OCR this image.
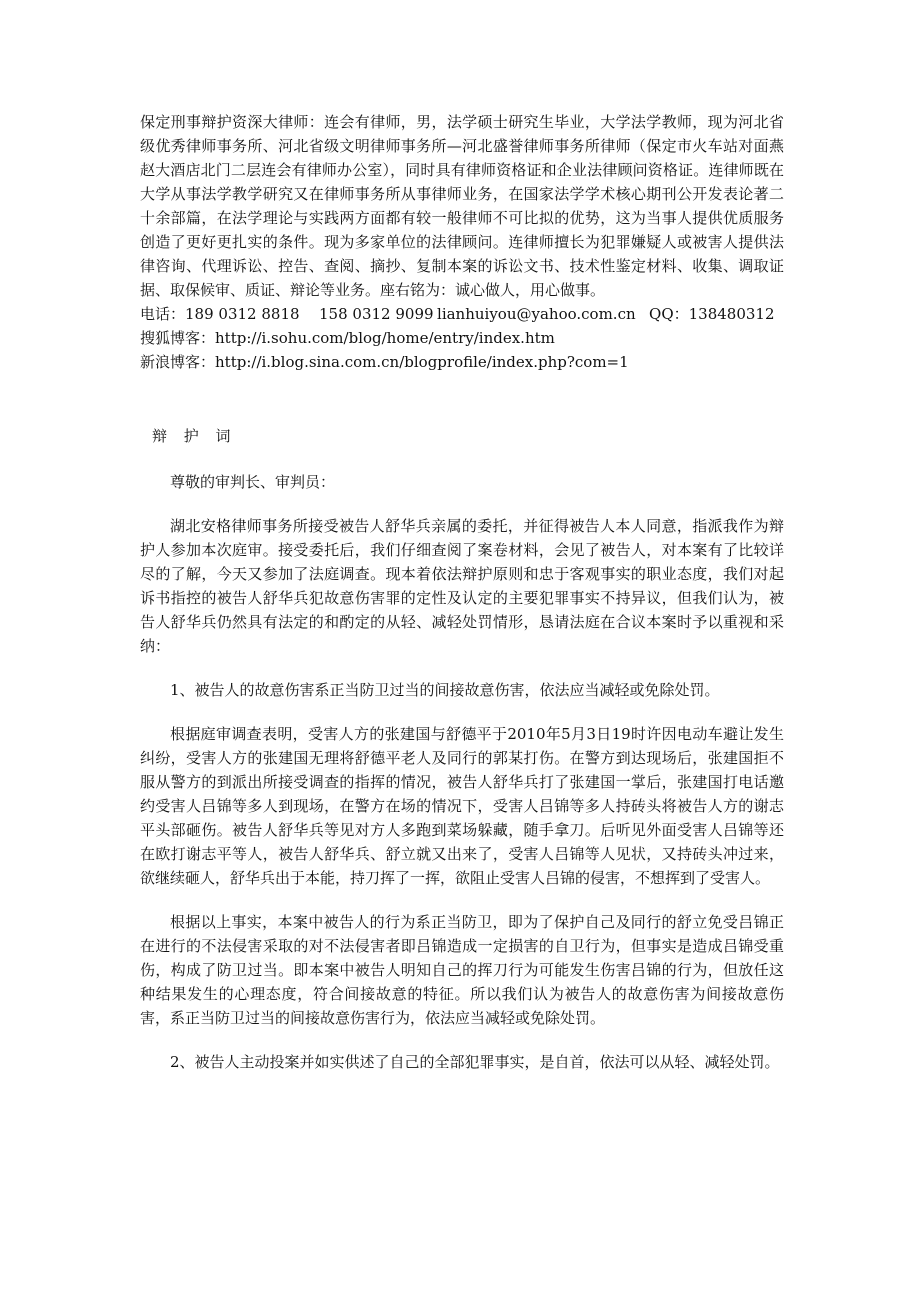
保定刑事辩护资深大律师：连会有律师，男，法学硕士研究生毕业，大学法学教师，现为河北省级优秀律师事务所、河北省级文明律师事务所—河北盛誉律师事务所律师（保定市火车站对面燕赵大酒店北门二层连会有律师办公室），同时具有律师资格证和企业法律顾问资格证。连律师既在大学从事法学教学研究又在律师事务所从事律师业务，在国家法学学术核心期刊公开发表论著二十余部篇，在法学理论与实践两方面都有较一般律师不可比拟的优势，这为当事人提供优质服务创造了更好更扎实的条件。现为多家单位的法律顾问。连律师擅长为犯罪嫌疑人或被害人提供法律咨询、代理诉讼、控告、查阅、摘抄、复制本案的诉讼文书、技术性鉴定材料、收集、调取证据、取保候审、质证、辩论等业务。座右铭为：诚心做人，用心做事。

电话：189 0312 8818 158 0312 9099 lianhuiyou@yahoo.com.cn QQ：138480312

搜狐博客：http://i.sohu.com/blog/home/entry/index.htm

新浪博客：http://i.blog.sina.com.cn/blogprofile/index.php?com=1

辩 护 词

尊敬的审判长、审判员：

湖北安格律师事务所接受被告人舒华兵亲属的委托，并征得被告人本人同意，指派我作为辩护人参加本次庭审。接受委托后，我们仔细查阅了案卷材料，会见了被告人，对本案有了比较详尽的了解，今天又参加了法庭调查。现本着依法辩护原则和忠于客观事实的职业态度，我们对起诉书指控的被告人舒华兵犯故意伤害罪的定性及认定的主要犯罪事实不持异议，但我们认为，被告人舒华兵仍然具有法定的和酌定的从轻、减轻处罚情形，恳请法庭在合议本案时予以重视和采纳：

1、被告人的故意伤害系正当防卫过当的间接故意伤害，依法应当减轻或免除处罚。

根据庭审调查表明，受害人方的张建国与舒德平于2010年5月3日19时许因电动车避让发生纠纷，受害人方的张建国无理将舒德平老人及同行的郭某打伤。在警方到达现场后，张建国拒不服从警方的到派出所接受调查的指挥的情况，被告人舒华兵打了张建国一掌后，张建国打电话邀约受害人吕锦等多人到现场，在警方在场的情况下，受害人吕锦等多人持砖头将被告人方的谢志平头部砸伤。被告人舒华兵等见对方人多跑到菜场躲藏，随手拿刀。后听见外面受害人吕锦等还在欧打谢志平等人，被告人舒华兵、舒立就又出来了，受害人吕锦等人见状，又持砖头冲过来，欲继续砸人，舒华兵出于本能，持刀挥了一挥，欲阻止受害人吕锦的侵害，不想挥到了受害人。

根据以上事实，本案中被告人的行为系正当防卫，即为了保护自己及同行的舒立免受吕锦正在进行的不法侵害采取的对不法侵害者即吕锦造成一定损害的自卫行为，但事实是造成吕锦受重伤，构成了防卫过当。即本案中被告人明知自己的挥刀行为可能发生伤害吕锦的行为，但放任这种结果发生的心理态度，符合间接故意的特征。所以我们认为被告人的故意伤害为间接故意伤害，系正当防卫过当的间接故意伤害行为，依法应当减轻或免除处罚。

2、被告人主动投案并如实供述了自己的全部犯罪事实，是自首，依法可以从轻、减轻处罚。
